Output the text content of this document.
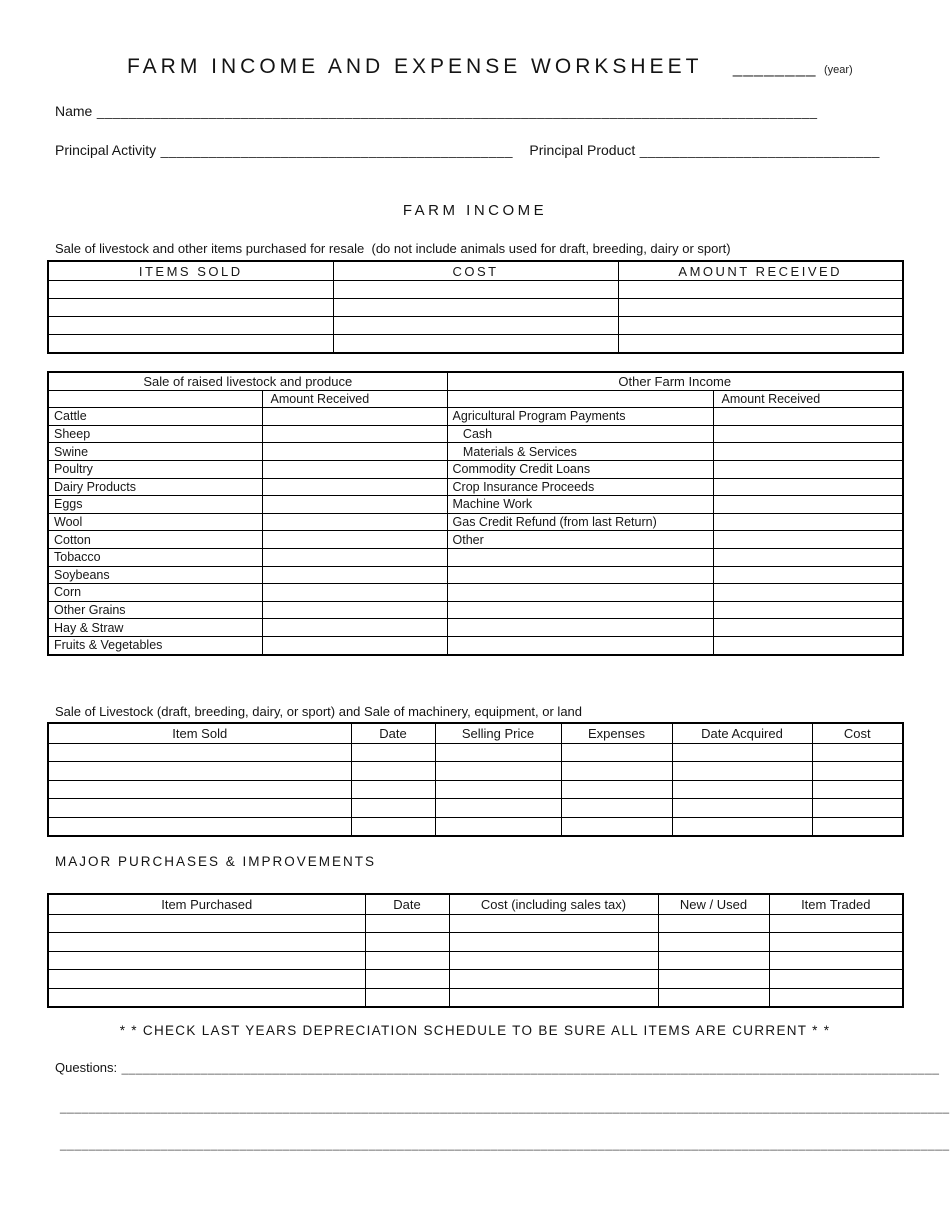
FARM INCOME AND EXPENSE WORKSHEET ________ (year)
Name __________________________________________________________________________________________
Principal Activity ____________________________________________ Principal Product ______________________________
FARM INCOME
Sale of livestock and other items purchased for resale  (do not include animals used for draft, breeding, dairy or sport)
ITEMS SOLD	COST	AMOUNT RECEIVED

Sale of raised livestock and produce		Other Farm Income	
	Amount Received		Amount Received
Cattle		Agricultural Program Payments	
Sheep		Cash	
Swine		Materials & Services	
Poultry		Commodity Credit Loans	
Dairy Products		Crop Insurance Proceeds	
Eggs		Machine Work	
Wool		Gas Credit Refund (from last Return)	
Cotton		Other	
Tobacco			
Soybeans			
Corn			
Other Grains			
Hay & Straw			
Fruits & Vegetables			
Sale of Livestock (draft, breeding, dairy, or sport) and Sale of machinery, equipment, or land
Item Sold	Date	Selling Price	Expenses	Date Acquired	Cost

MAJOR PURCHASES & IMPROVEMENTS
Item Purchased	Date	Cost (including sales tax)	New / Used	Item Traded

* * CHECK LAST YEARS DEPRECIATION SCHEDULE TO BE SURE ALL ITEMS ARE CURRENT * *
Questions: __________________________________________________________________________________________________________________
____________________________________________________________________________________________________________________________
____________________________________________________________________________________________________________________________
